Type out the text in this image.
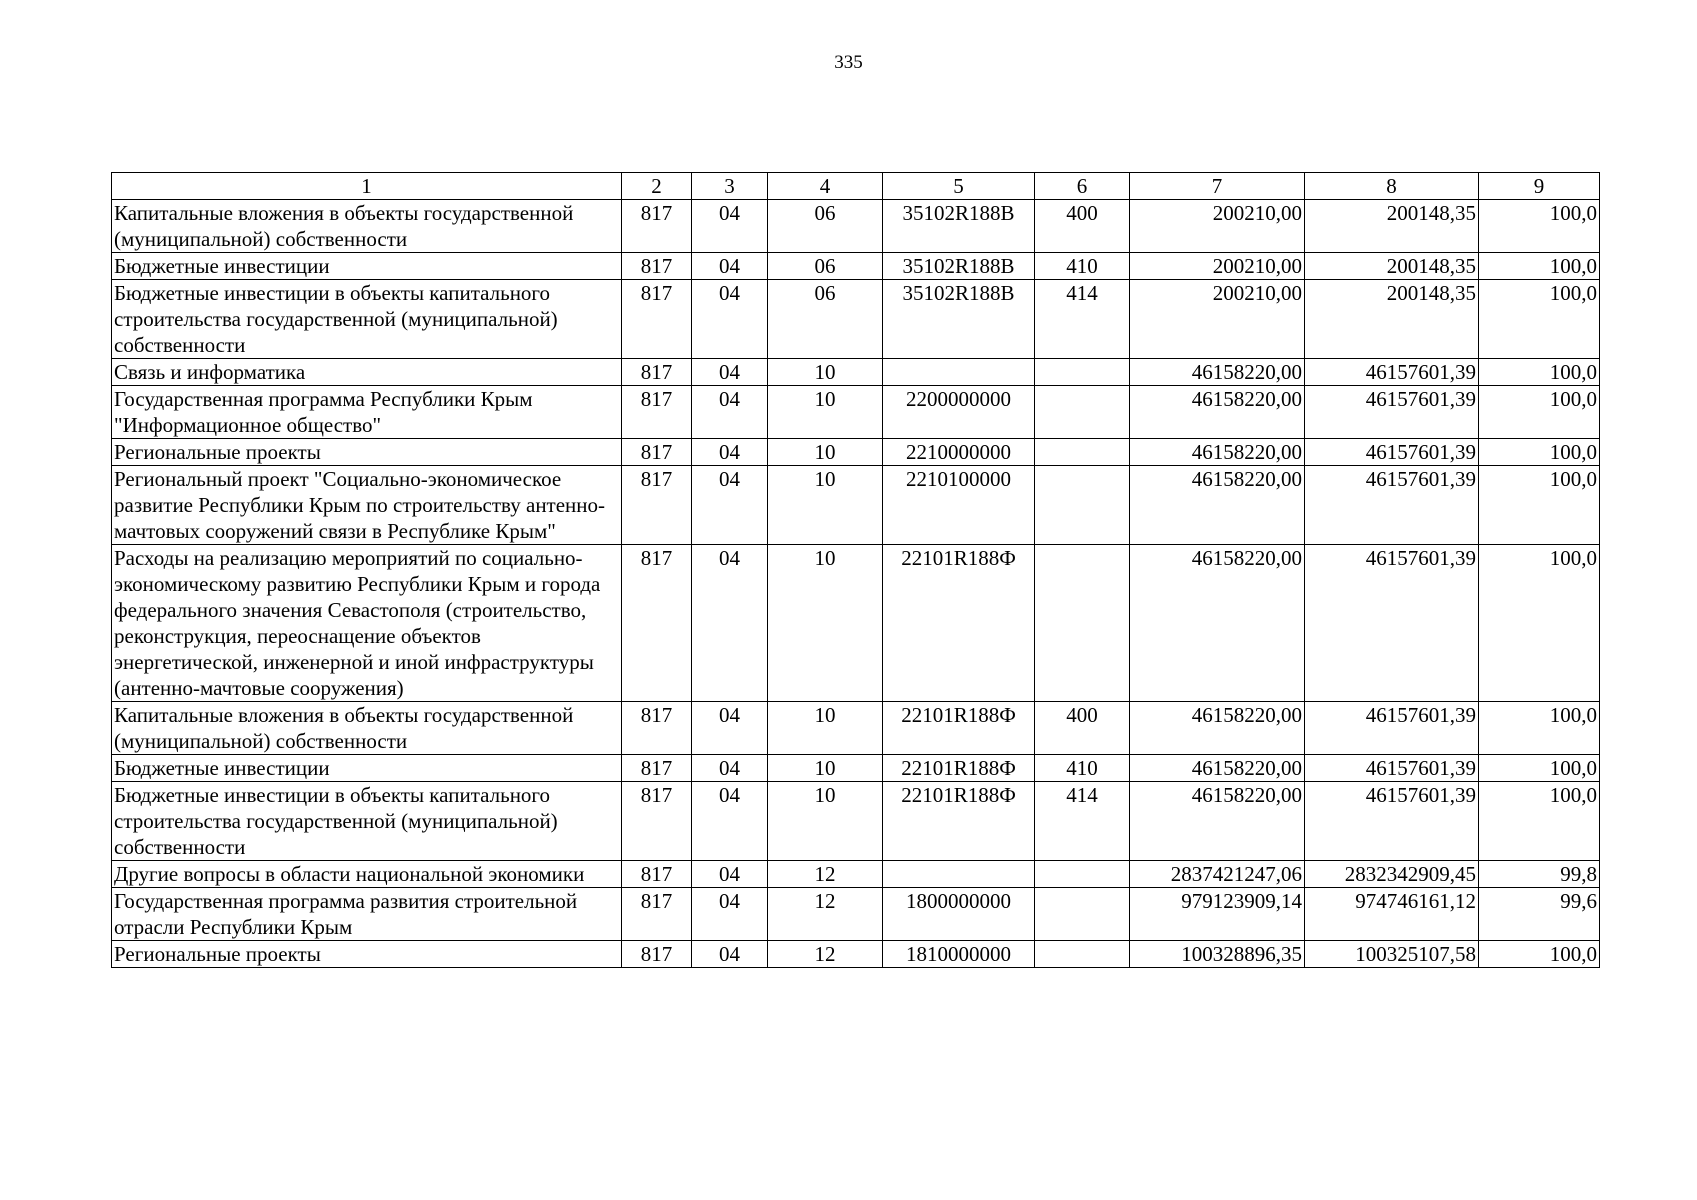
335
1	2	3	4	5	6	7	8	9
Капитальные вложения в объекты государственной (муниципальной) собственности	817	04	06	35102R188B	400	200210,00	200148,35	100,0
Бюджетные инвестиции	817	04	06	35102R188B	410	200210,00	200148,35	100,0
Бюджетные инвестиции в объекты капитального строительства государственной (муниципальной) собственности	817	04	06	35102R188B	414	200210,00	200148,35	100,0
Связь и информатика	817	04	10			46158220,00	46157601,39	100,0
Государственная программа Республики Крым "Информационное общество"	817	04	10	2200000000		46158220,00	46157601,39	100,0
Региональные проекты	817	04	10	2210000000		46158220,00	46157601,39	100,0
Региональный проект "Социально-экономическое развитие Республики Крым по строительству антенно-мачтовых сооружений связи в Республике Крым"	817	04	10	2210100000		46158220,00	46157601,39	100,0
Расходы на реализацию мероприятий по социально-экономическому развитию Республики Крым и города федерального значения Севастополя (строительство, реконструкция, переоснащение объектов энергетической, инженерной и иной инфраструктуры (антенно-мачтовые сооружения)	817	04	10	22101R188Ф		46158220,00	46157601,39	100,0
Капитальные вложения в объекты государственной (муниципальной) собственности	817	04	10	22101R188Ф	400	46158220,00	46157601,39	100,0
Бюджетные инвестиции	817	04	10	22101R188Ф	410	46158220,00	46157601,39	100,0
Бюджетные инвестиции в объекты капитального строительства государственной (муниципальной) собственности	817	04	10	22101R188Ф	414	46158220,00	46157601,39	100,0
Другие вопросы в области национальной экономики	817	04	12			2837421247,06	2832342909,45	99,8
Государственная программа развития строительной отрасли Республики Крым	817	04	12	1800000000		979123909,14	974746161,12	99,6
Региональные проекты	817	04	12	1810000000		100328896,35	100325107,58	100,0
